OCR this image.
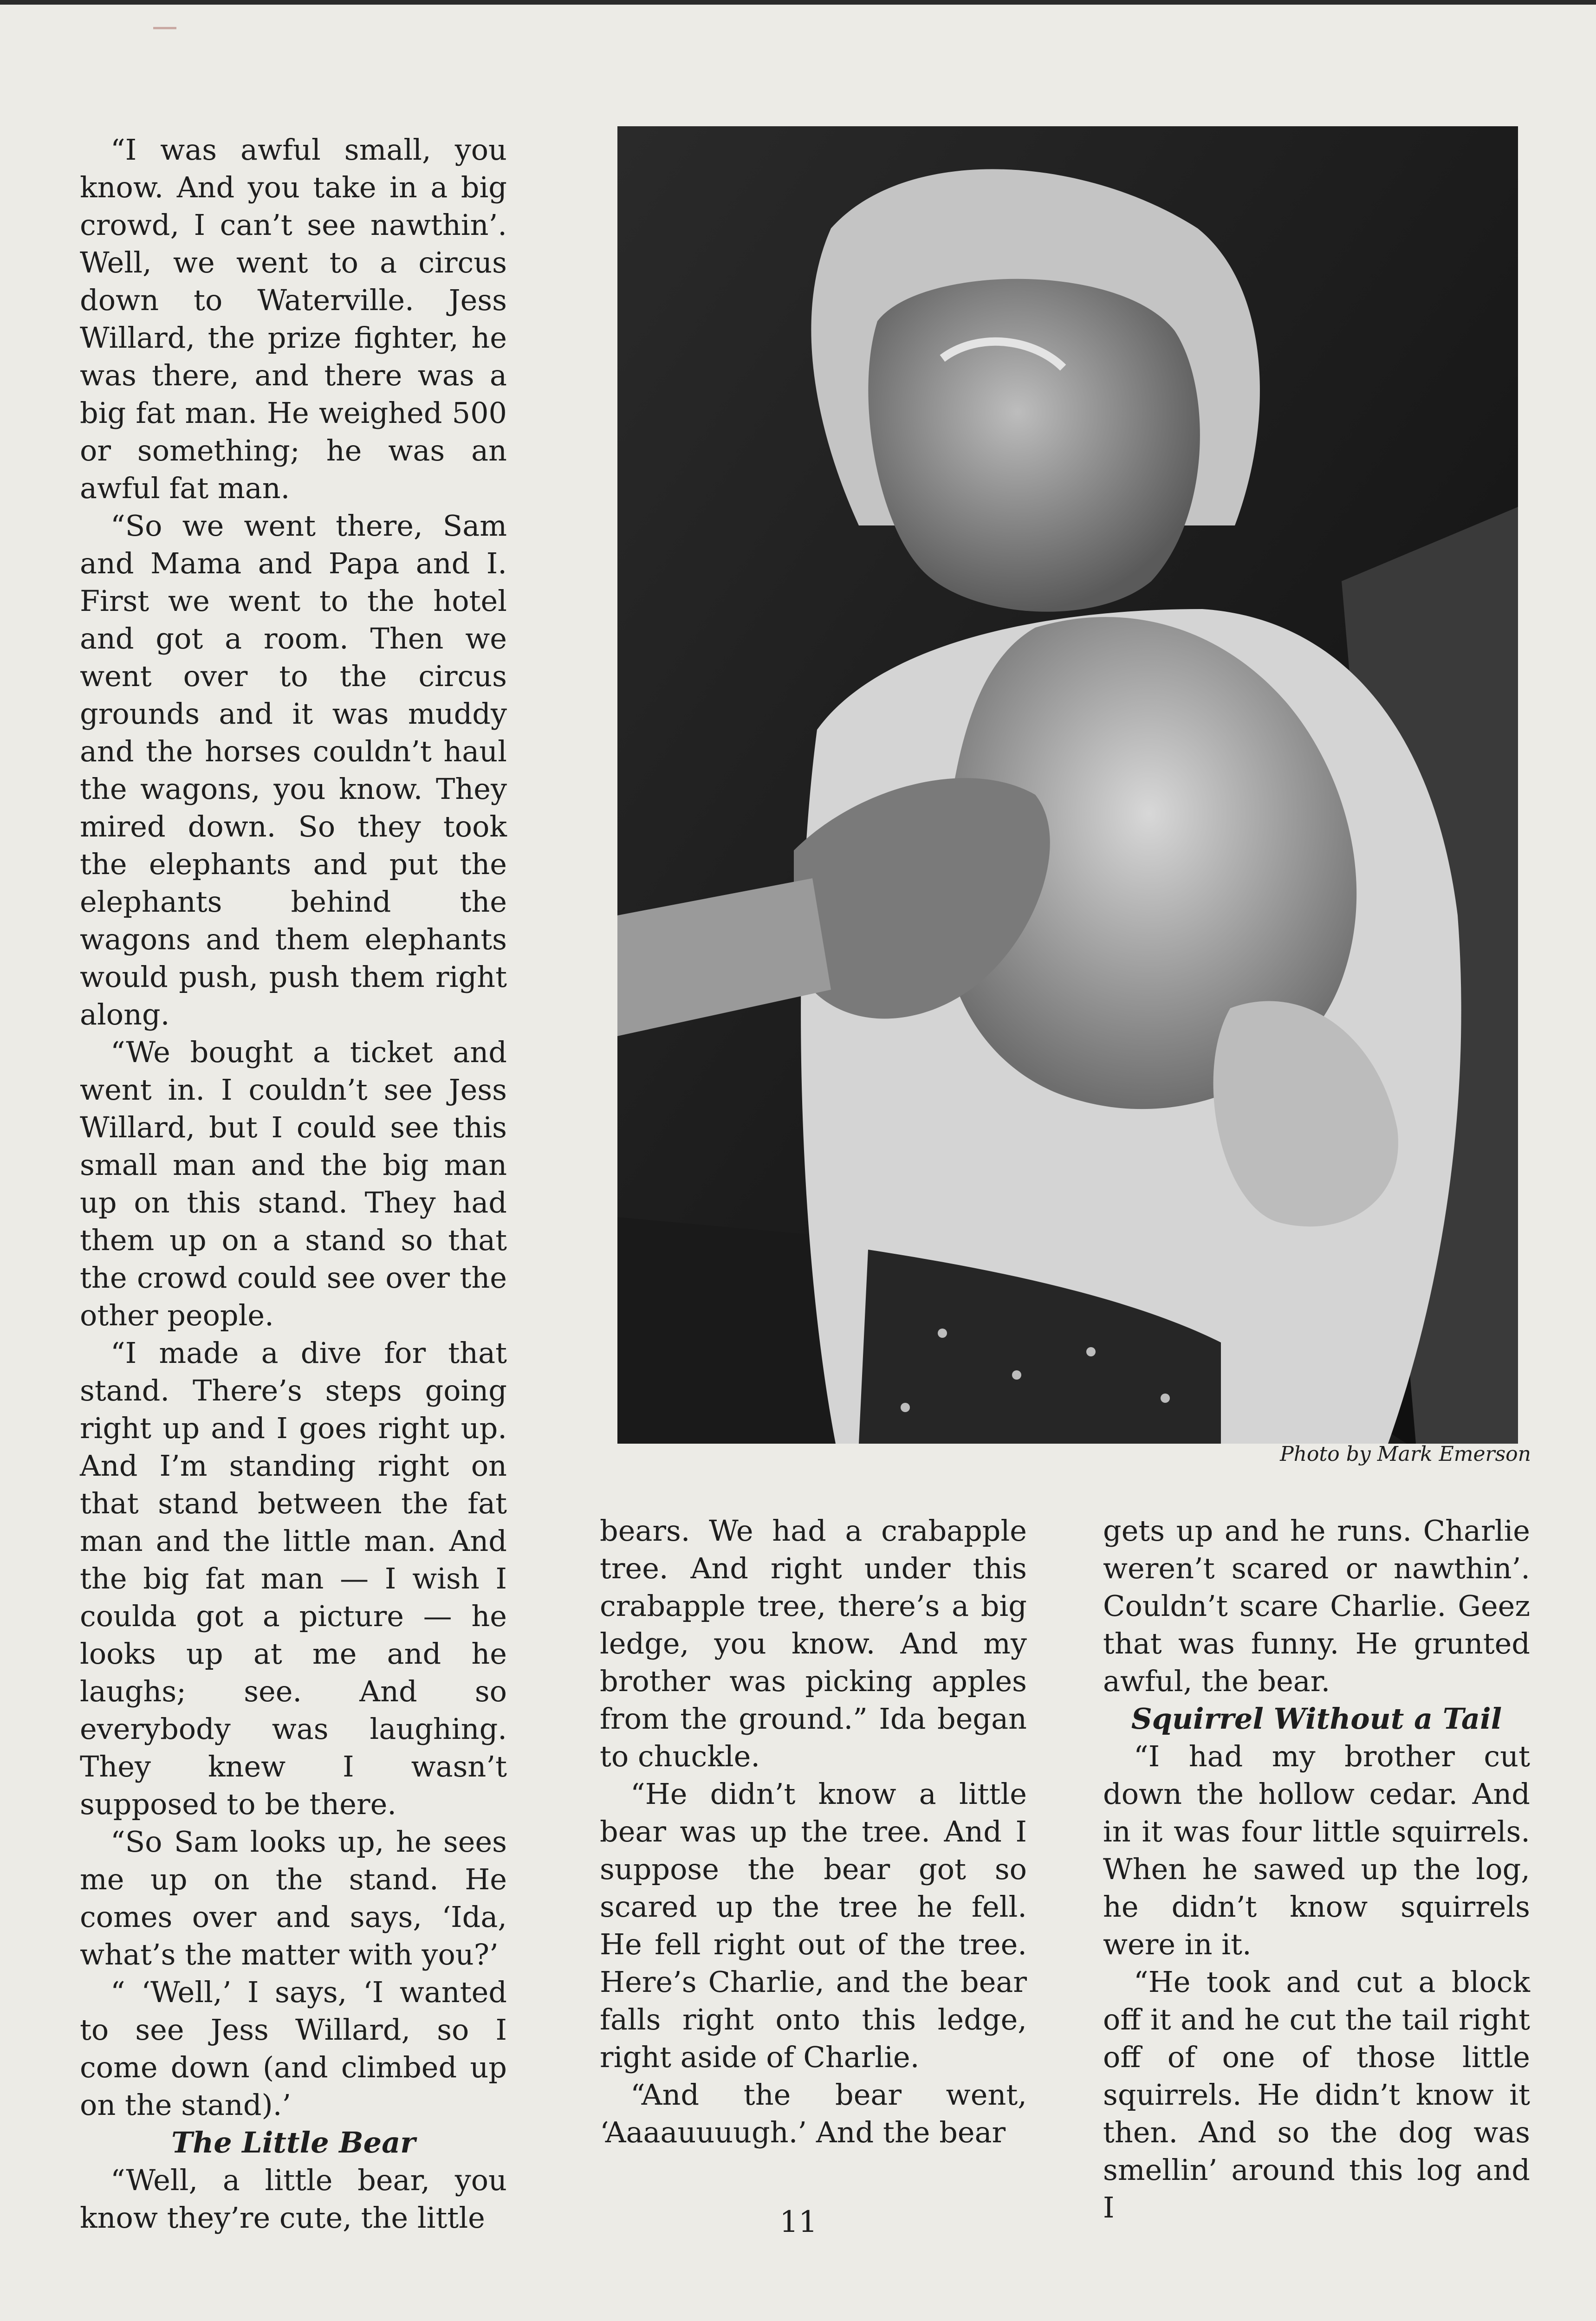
“I was awful small, you know. And you take in a big crowd, I can’t see nawthin’. Well, we went to a circus down to Waterville. Jess Willard, the prize fighter, he was there, and there was a big fat man. He weighed 500 or something; he was an awful fat man.

“So we went there, Sam and Mama and Papa and I. First we went to the hotel and got a room. Then we went over to the circus grounds and it was muddy and the horses couldn’t haul the wagons, you know. They mired down. So they took the elephants and put the elephants behind the wagons and them elephants would push, push them right along.

“We bought a ticket and went in. I couldn’t see Jess Willard, but I could see this small man and the big man up on this stand. They had them up on a stand so that the crowd could see over the other people.

“I made a dive for that stand. There’s steps going right up and I goes right up. And I’m standing right on that stand between the fat man and the little man. And the big fat man — I wish I coulda got a picture — he looks up at me and he laughs; see. And so everybody was laughing. They knew I wasn’t supposed to be there.

“So Sam looks up, he sees me up on the stand. He comes over and says, ‘Ida, what’s the matter with you?’

“ ‘Well,’ I says, ‘I wanted to see Jess Willard, so I come down (and climbed up on the stand).’

The Little Bear

“Well, a little bear, you know they’re cute, the little

Photo by Mark Emerson

bears. We had a crabapple tree. And right under this crabapple tree, there’s a big ledge, you know. And my brother was picking apples from the ground.” Ida began to chuckle.

“He didn’t know a little bear was up the tree. And I suppose the bear got so scared up the tree he fell. He fell right out of the tree. Here’s Charlie, and the bear falls right onto this ledge, right aside of Charlie.

“And the bear went, ‘Aaaauuuugh.’ And the bear

gets up and he runs. Charlie weren’t scared or nawthin’. Couldn’t scare Charlie. Geez that was funny. He grunted awful, the bear.

Squirrel Without a Tail

“I had my brother cut down the hollow cedar. And in it was four little squirrels. When he sawed up the log, he didn’t know squirrels were in it.

“He took and cut a block off it and he cut the tail right off of one of those little squirrels. He didn’t know it then. And so the dog was smellin’ around this log and I

11
